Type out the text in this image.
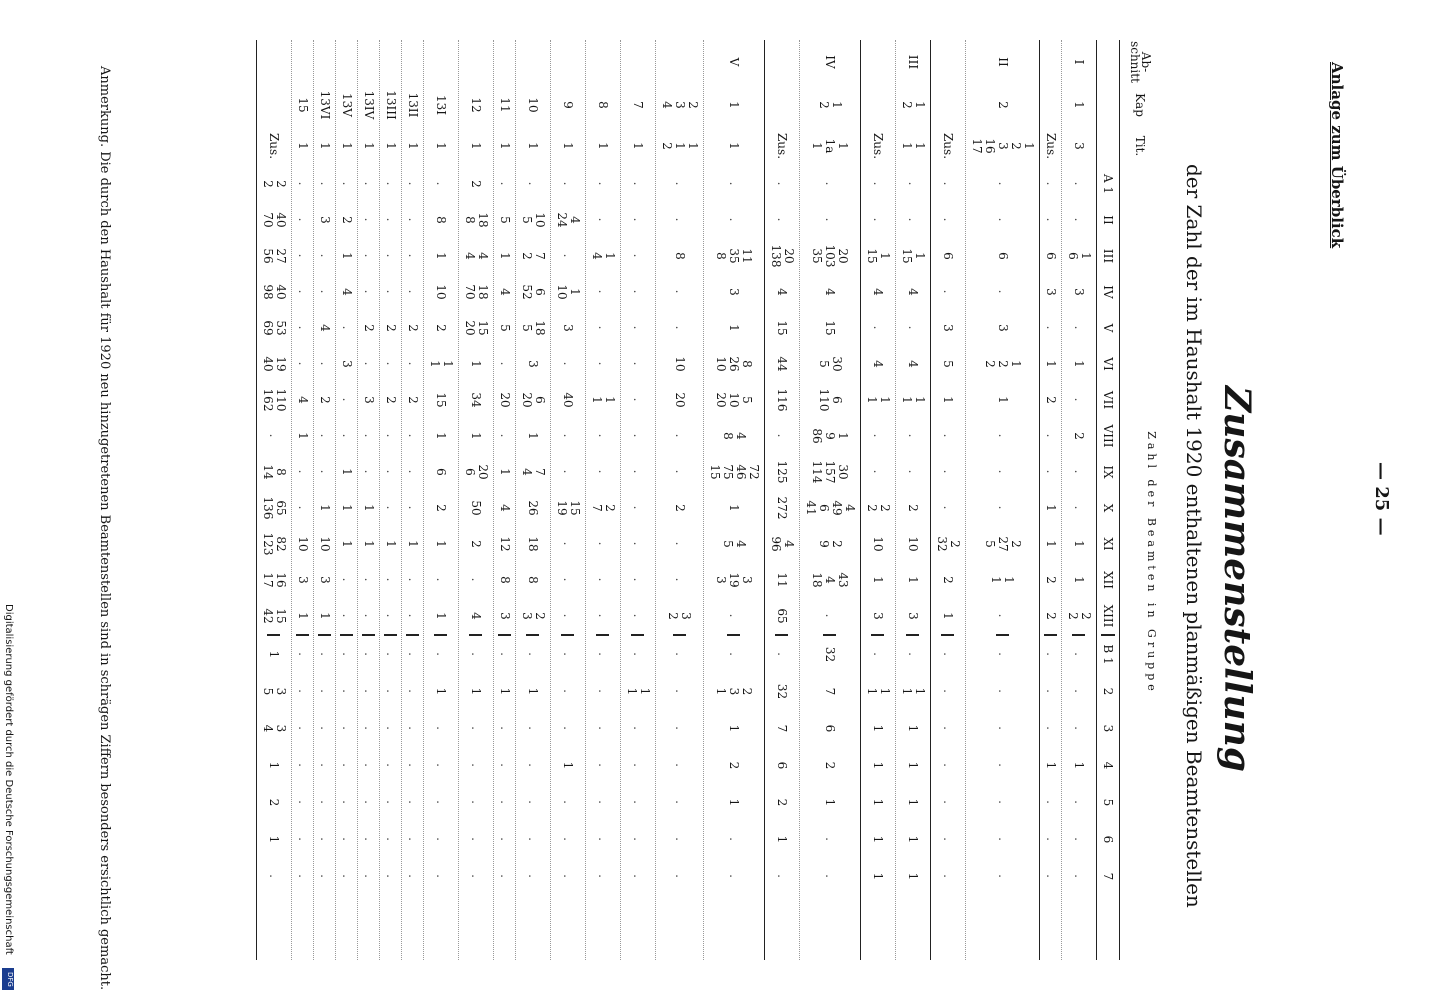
Anlage zum Überblick
— 25 —
Zusammenstellung
der Zahl der im Haushalt 1920 enthaltenen planmäßigen Beamtenstellen
Ab-schnitt
Kap
Tit.
Zahl der Beamten in Gruppe
A 1
II
III
IV
V
VI
VII
VIII
IX
X
XI
XII
XIII
B 1
2
3
4
5
6
7
I
1
3
.
.
1
6
3
.
1
.
2
.
.
1
1
2
2
.
.
.
1
.
.
.
Zus.
.
.
6
3
.
1
2
.
.
1
1
2
2
.
.
.
1
.
.
.
II
2
1
2
3
16
17
.
.
6
.
3
1
2
2
1
.
.
.
2
27
5
1
1
.
.
.
.
.
.
.
.
Zus.
.
.
6
.
3
5
1
.
.
.
2
32
2
1
.
.
.
.
.
.
.
III
1
2
1
1
.
.
1
15
4
.
4
1
1
.
.
2
10
1
3
.
1
1
1
1
1
1
1
Zus.
.
.
1
15
4
.
4
1
1
.
.
2
2
10
1
3
.
1
1
1
1
1
1
1
IV
1
2
1
1a
1
.
.
20
103
35
4
15
30
5
6
110
1
9
86
30
157
114
4
49
6
41
2
9
43
4
18
.
32
7
6
2
1
.
.
Zus.
.
.
20
138
4
15
44
116
.
125
272
4
96
11
65
.
32
7
6
2
1
.
V
1
1
.
.
11
35
8
3
1
8
26
10
5
10
20
4
8
72
46
75
15
1
4
5
3
19
3
.
.
2
3
1
1
2
1
.
.
2
3
4
1
1
2
.
.
8
.
.
10
20
.
.
2
.
.
3
2
.
.
.
.
.
.
.
7
1
.
.
.
.
.
.
.
.
.
.
.
.
.
.
1
1
.
.
.
.
.
8
1
.
.
1
4
.
.
.
1
1
.
.
2
7
.
.
.
.
.
.
.
.
.
.
9
1
.
4
24
.
1
10
3
.
40
.
.
15
19
.
.
.
.
.
.
1
.
.
.
10
1
.
10
5
7
2
6
52
18
5
3
6
20
1
7
4
26
18
8
2
3
.
1
.
.
.
.
.
11
1
.
5
1
4
5
.
20
.
1
4
12
8
3
.
1
.
.
.
.
.
12
1
2
18
8
4
4
18
70
15
20
1
34
1
20
6
50
2
.
4
.
1
.
.
.
.
.
13I
1
.
8
1
10
2
1
1
15
1
6
2
1
.
1
.
1
.
.
.
.
.
13II
1
.
.
.
.
2
.
2
.
.
.
1
.
.
.
.
.
.
.
.
.
13III
1
.
.
.
.
2
.
2
.
.
.
1
.
.
.
.
.
.
.
.
.
13IV
1
.
.
.
.
2
.
3
.
.
1
1
.
.
.
.
.
.
.
.
.
13V
1
.
2
1
4
.
3
.
.
1
1
1
.
.
.
.
.
.
.
.
.
13VI
1
.
3
.
.
4
.
2
.
.
1
10
3
1
.
.
.
.
.
.
.
15
1
.
.
.
.
.
.
4
1
.
.
10
3
1
.
.
.
.
.
.
.
Zus.
2
2
40
70
27
56
40
98
53
69
19
40
110
162
.
8
14
65
136
82
123
16
17
15
42
1
3
5
3
4
1
2
1
.
Anmerkung. Die durch den Haushalt für 1920 neu hinzugetretenen Beamtenstellen sind in schrägen Ziffern besonders ersichtlich gemacht.
Digitalisierung gefördert durch die Deutsche Forschungsgemeinschaft
DFG
